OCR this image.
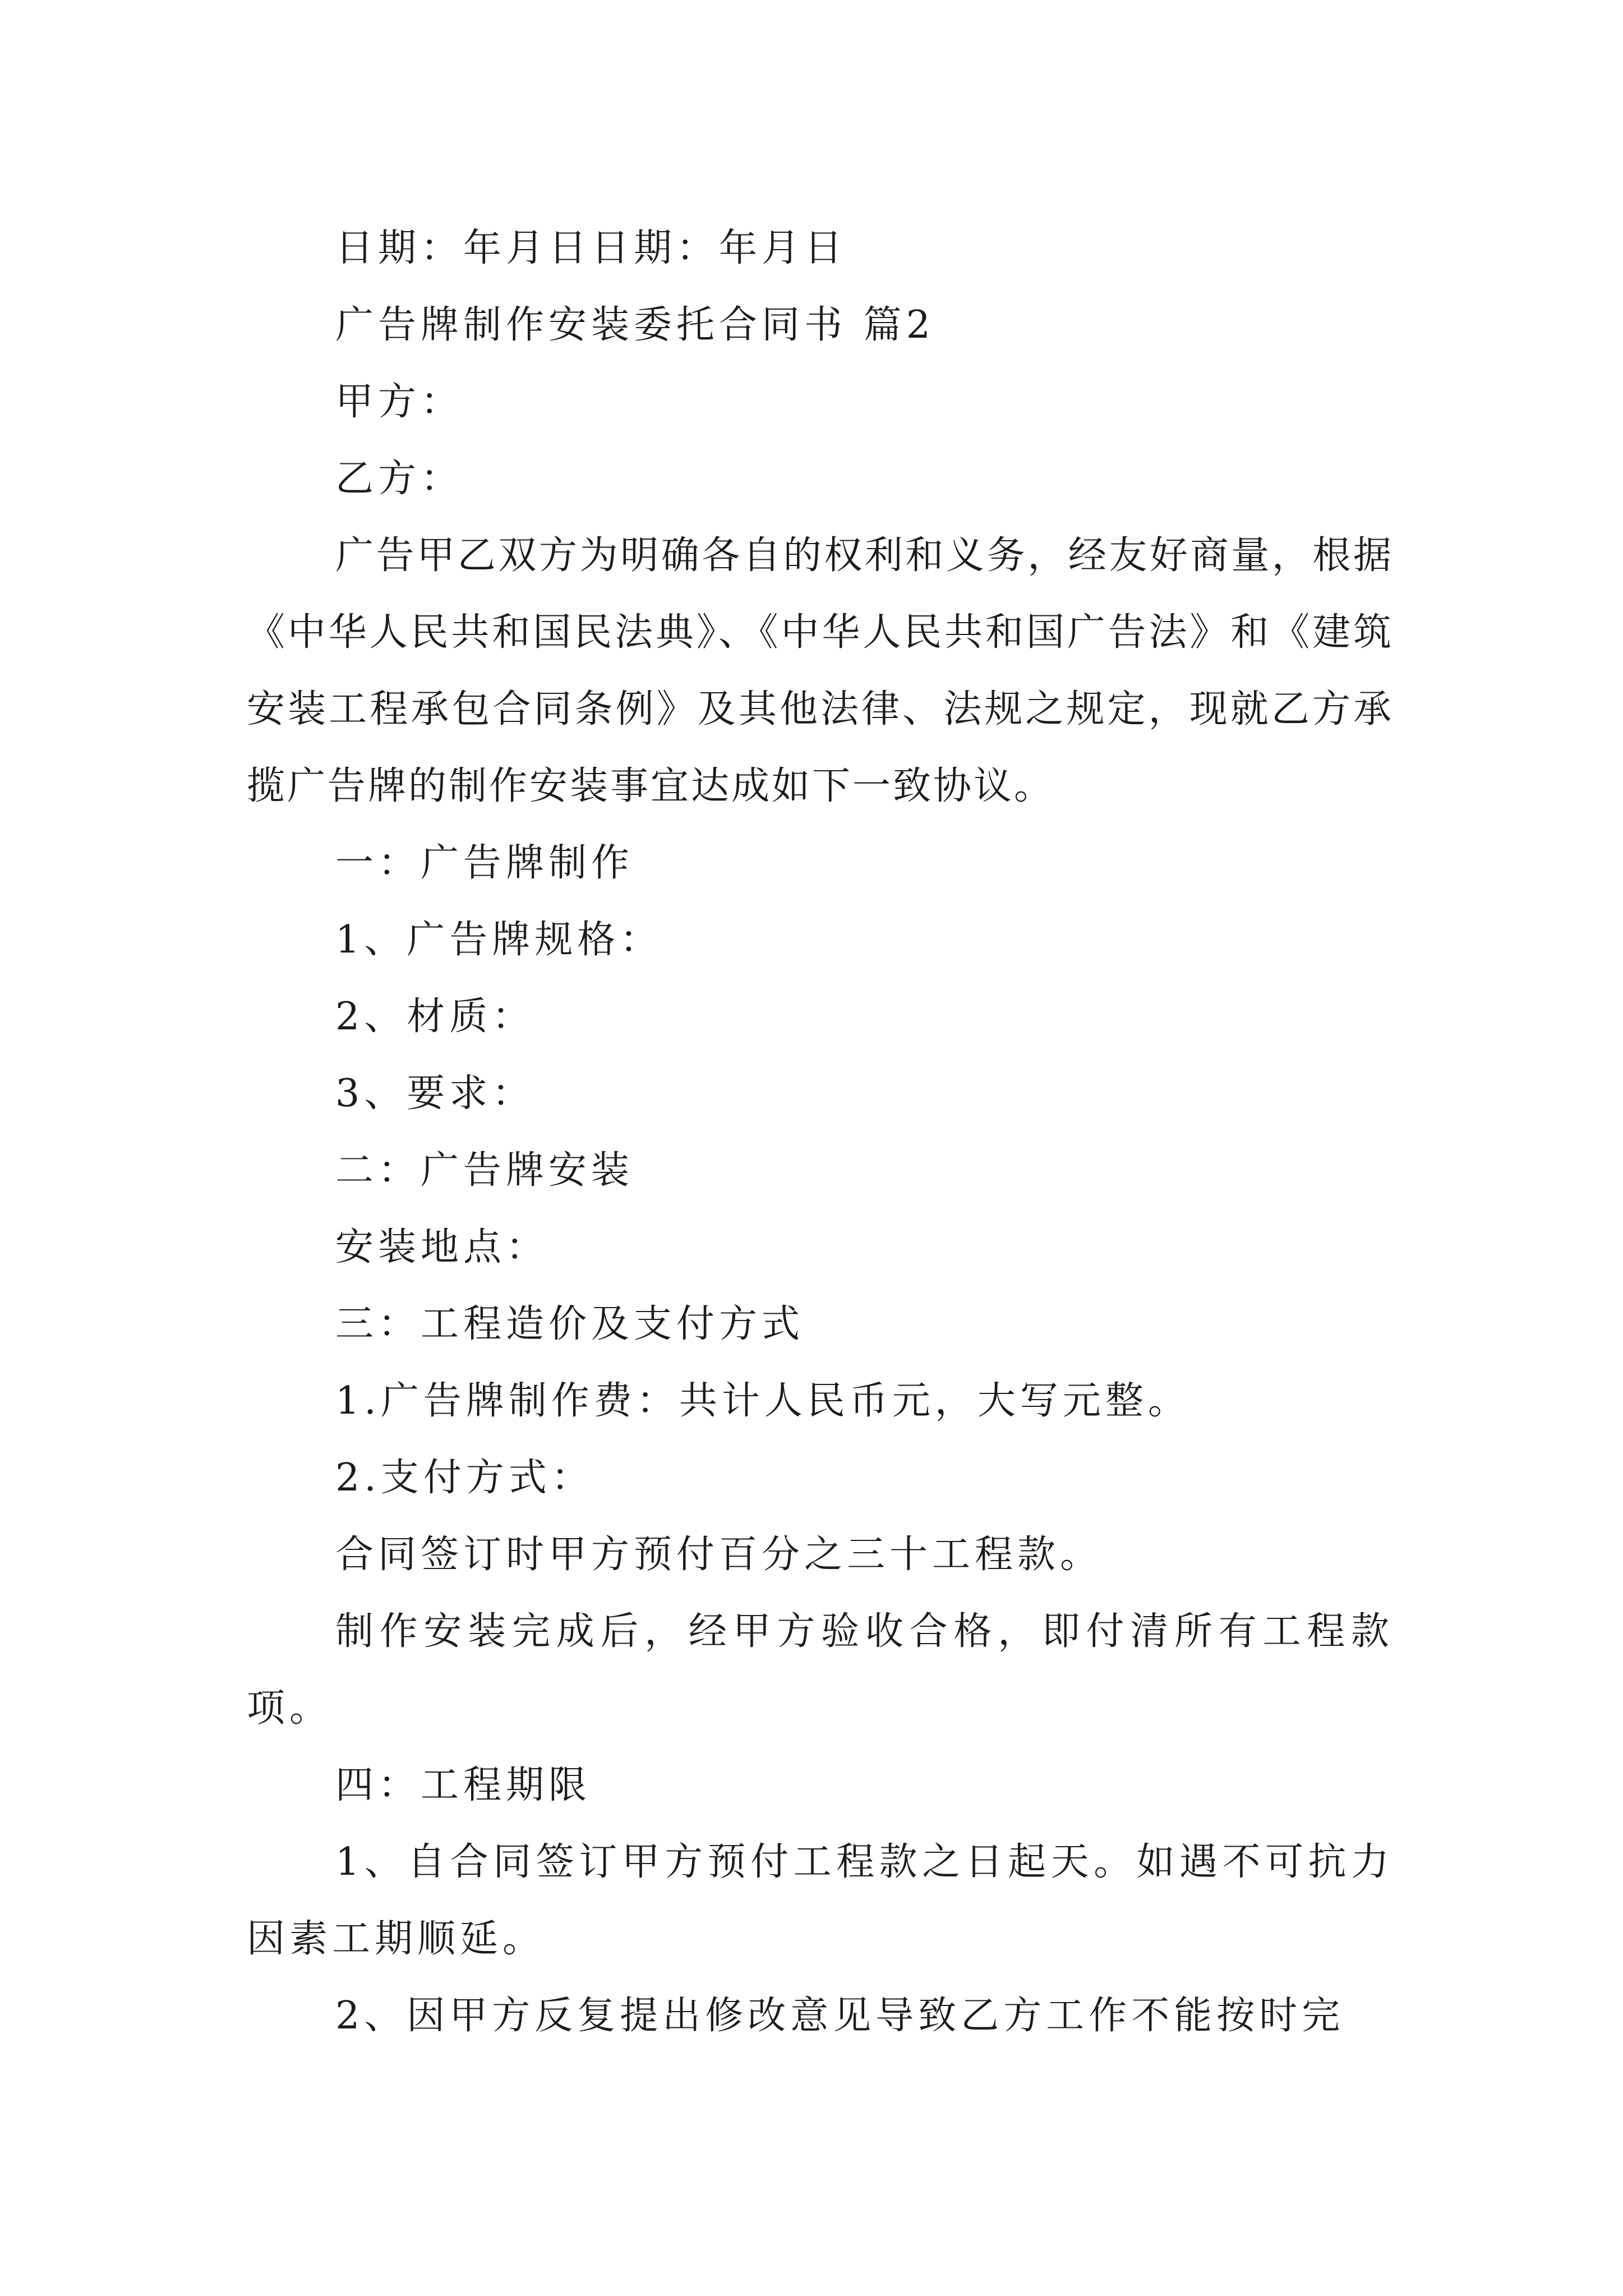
日期：年月日日期：年月日

广告牌制作安装委托合同书 篇2

甲方：

乙方：

广告甲乙双方为明确各自的权利和义务，经友好商量，根据《中华人民共和国民法典》、《中华人民共和国广告法》和《建筑安装工程承包合同条例》及其他法律、法规之规定，现就乙方承揽广告牌的制作安装事宜达成如下一致协议。

一：广告牌制作

1、广告牌规格：

2、材质：

3、要求：

二：广告牌安装

安装地点：

三：工程造价及支付方式

1.广告牌制作费：共计人民币元，大写元整。

2.支付方式：

合同签订时甲方预付百分之三十工程款。

制作安装完成后，经甲方验收合格，即付清所有工程款项。

四：工程期限

1、自合同签订甲方预付工程款之日起天。如遇不可抗力因素工期顺延。

2、因甲方反复提出修改意见导致乙方工作不能按时完
